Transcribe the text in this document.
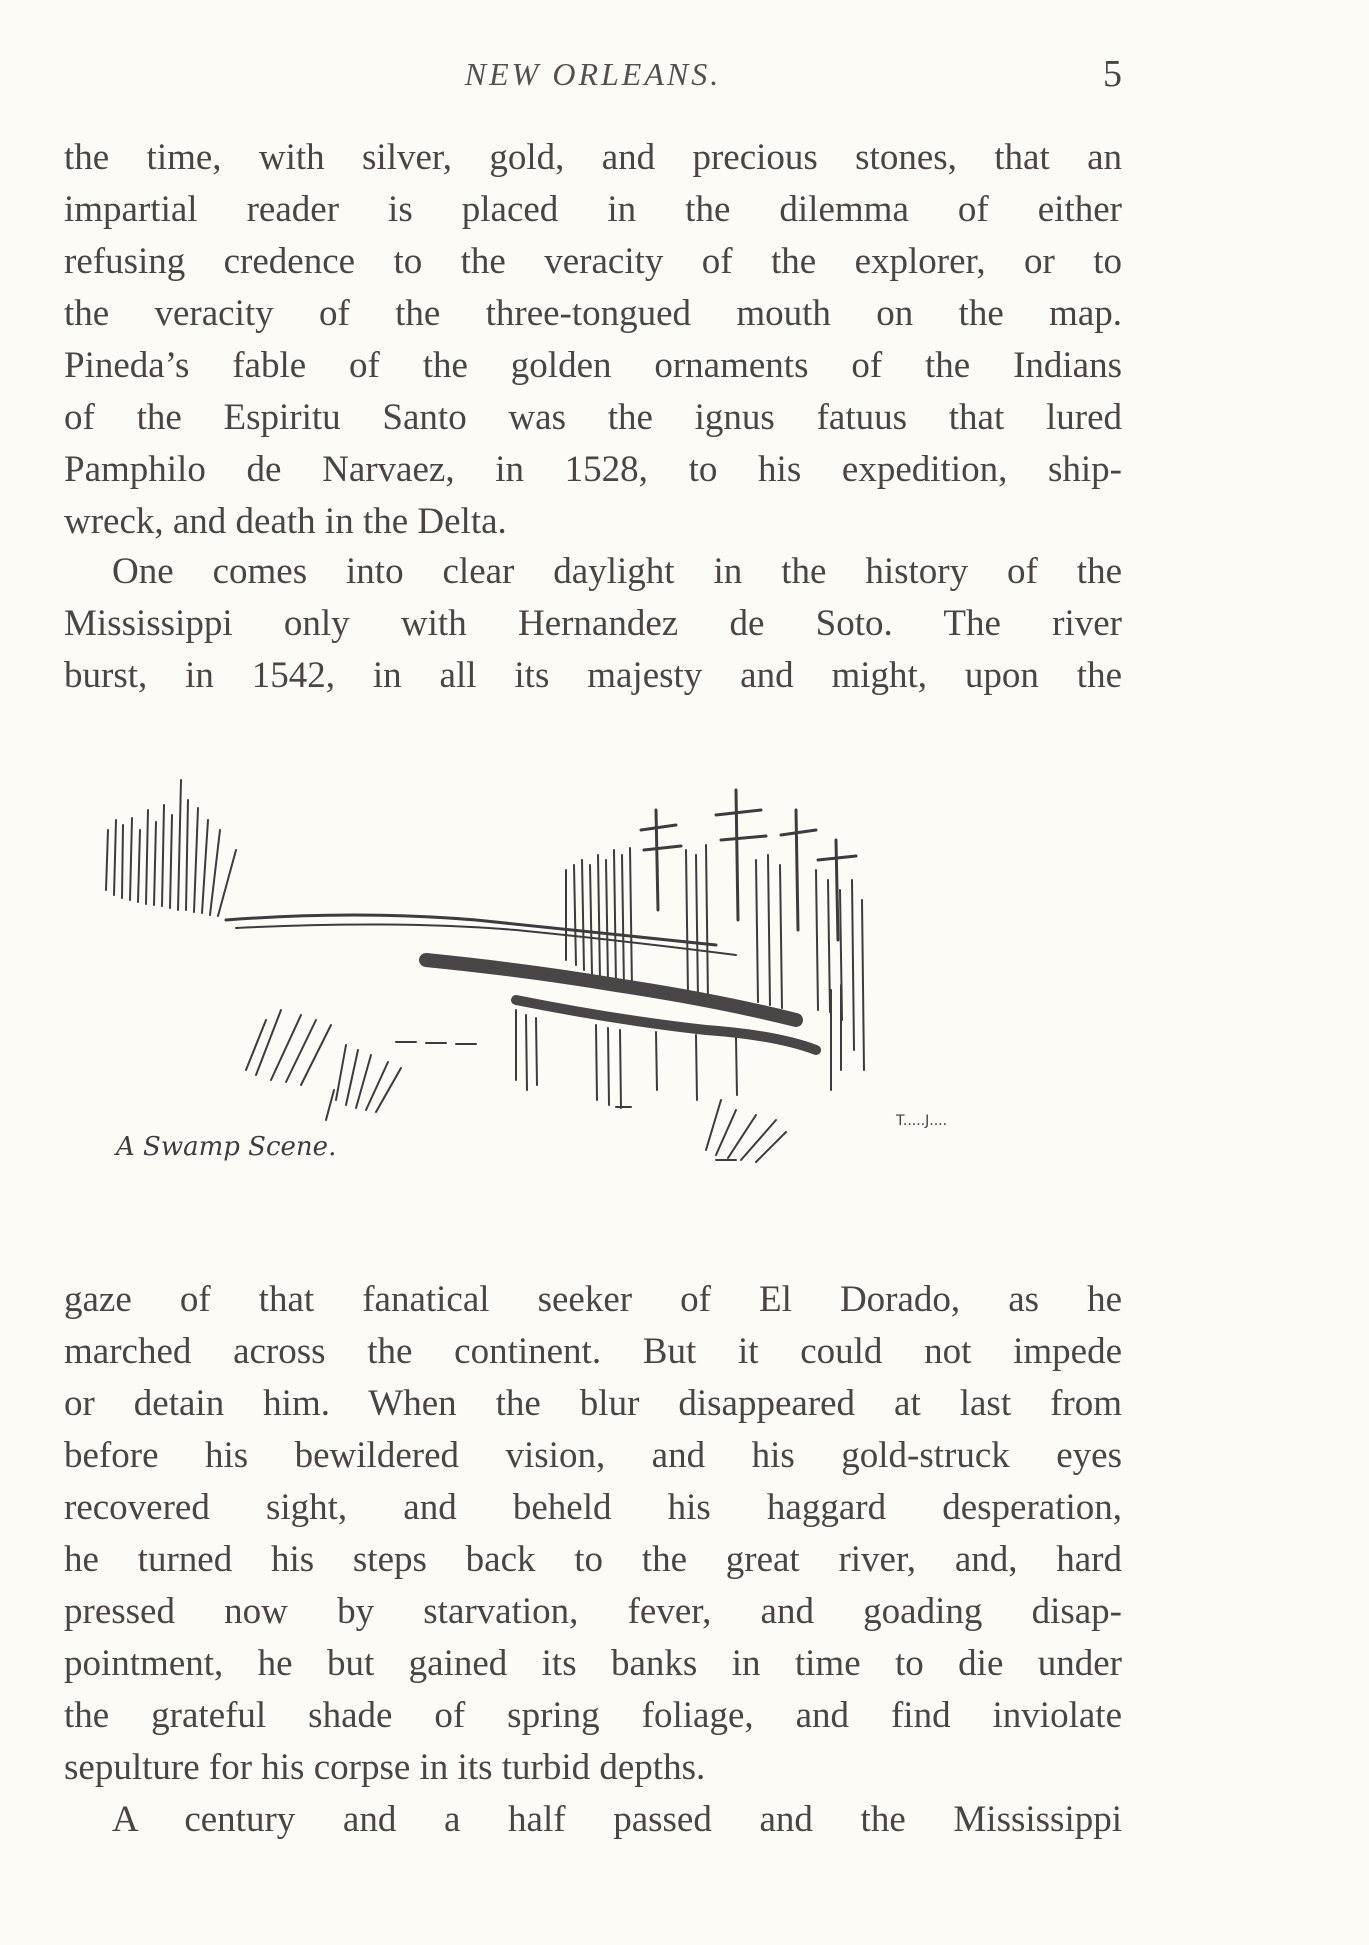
NEW ORLEANS.	5
the time, with silver, gold, and precious stones, that an
impartial reader is placed in the dilemma of either
refusing credence to the veracity of the explorer, or to
the veracity of the three-tongued mouth on the map.
Pineda’s fable of the golden ornaments of the Indians
of the Espiritu Santo was the ignus fatuus that lured
Pamphilo de Narvaez, in 1528, to his expedition, ship-
wreck, and death in the Delta.
One comes into clear daylight in the history of the
Mississippi only with Hernandez de Soto. The river
burst, in 1542, in all its majesty and might, upon the
A Swamp Scene.
T.....J....
gaze of that fanatical seeker of El Dorado, as he
marched across the continent. But it could not impede
or detain him. When the blur disappeared at last from
before his bewildered vision, and his gold-struck eyes
recovered sight, and beheld his haggard desperation,
he turned his steps back to the great river, and, hard
pressed now by starvation, fever, and goading disap-
pointment, he but gained its banks in time to die under
the grateful shade of spring foliage, and find inviolate
sepulture for his corpse in its turbid depths.
A century and a half passed and the Mississippi
